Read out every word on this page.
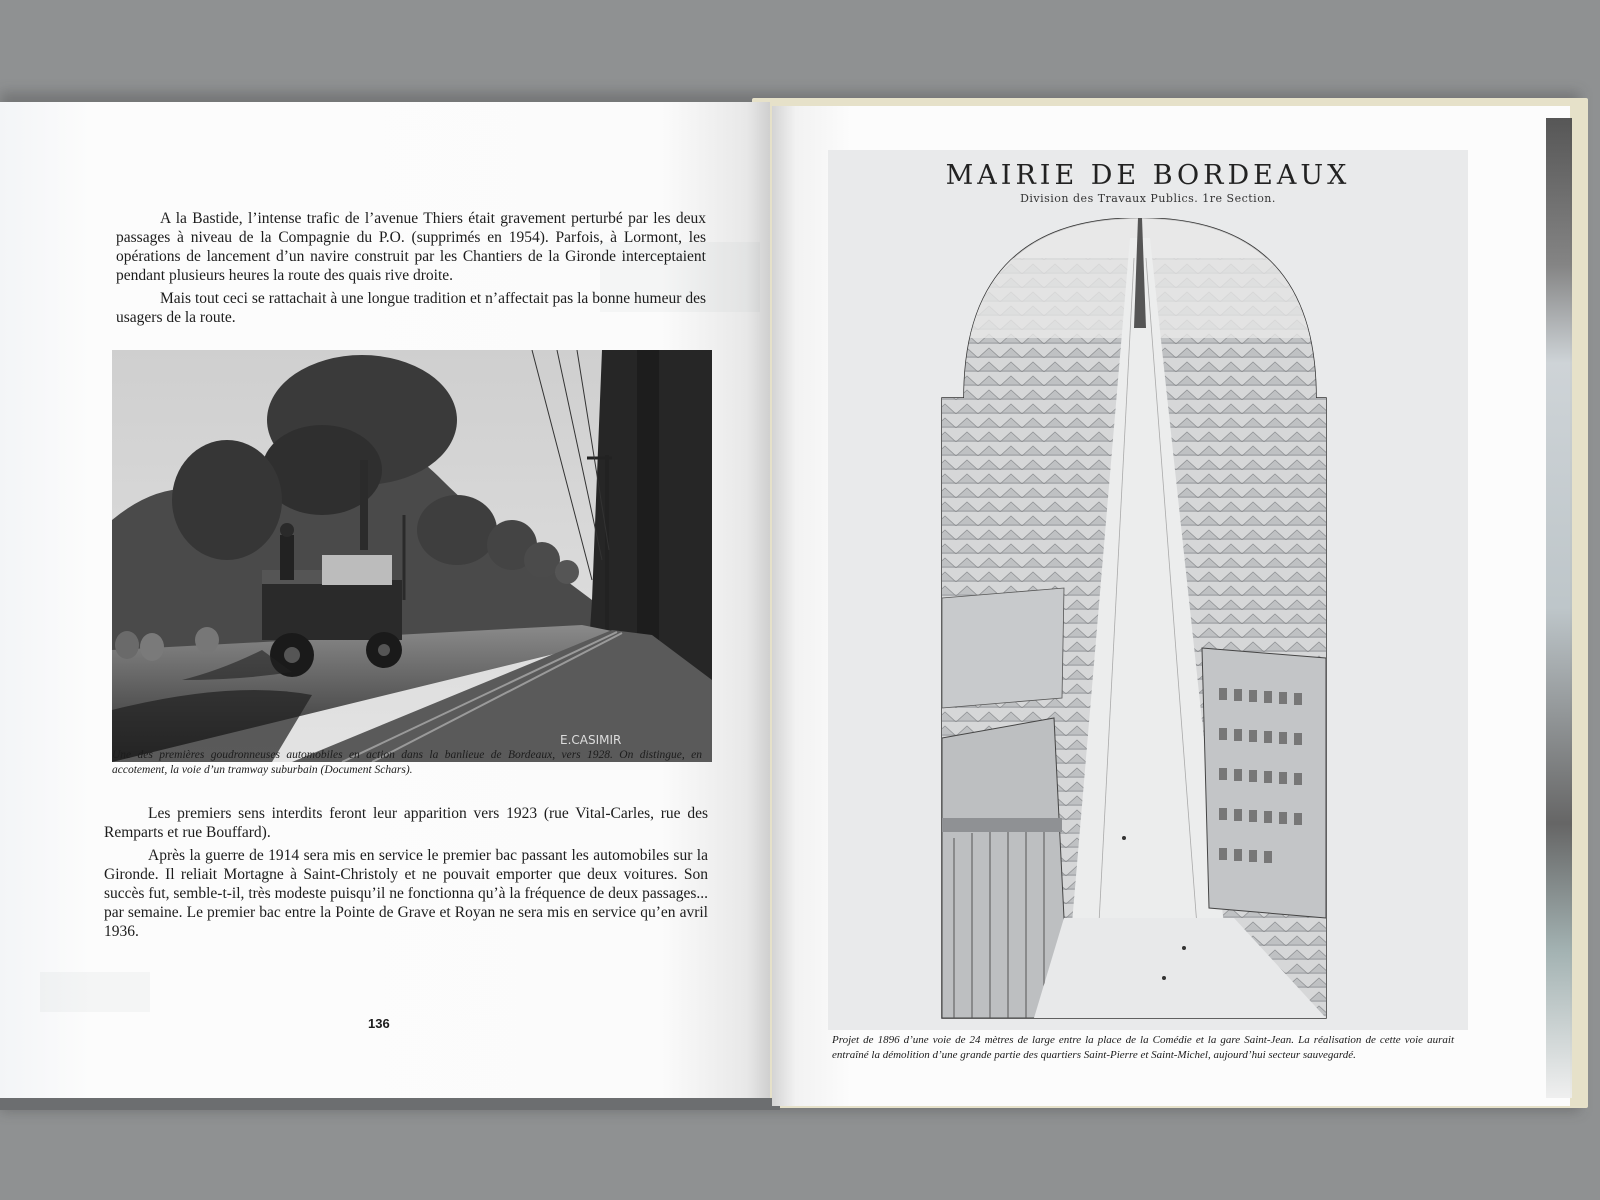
A la Bastide, l’intense trafic de l’avenue Thiers était gravement perturbé par les deux passages à niveau de la Compagnie du P.O. (supprimés en 1954). Parfois, à Lormont, les opérations de lancement d’un navire construit par les Chantiers de la Gironde interceptaient pendant plusieurs heures la route des quais rive droite.

Mais tout ceci se rattachait à une longue tradition et n’affectait pas la bonne humeur des usagers de la route.

E.CASIMIR
Une des premières goudronneuses automobiles en action dans la banlieue de Bordeaux, vers 1928. On distingue, en accotement, la voie d’un tramway suburbain (Document Schars).

Les premiers sens interdits feront leur apparition vers 1923 (rue Vital-Carles, rue des Remparts et rue Bouffard).

Après la guerre de 1914 sera mis en service le premier bac passant les automobiles sur la Gironde. Il reliait Mortagne à Saint-Christoly et ne pouvait emporter que deux voitures. Son succès fut, semble-t-il, très modeste puisqu’il ne fonctionna qu’à la fréquence de deux passages... par semaine. Le premier bac entre la Pointe de Grave et Royan ne sera mis en service qu’en avril 1936.

136
MAIRIE DE BORDEAUX
Division des Travaux Publics. 1re Section.
Projet de 1896 d’une voie de 24 mètres de large entre la place de la Comédie et la gare Saint-Jean. La réalisation de cette voie aurait entraîné la démolition d’une grande partie des quartiers Saint-Pierre et Saint-Michel, aujourd’hui secteur sauvegardé.
